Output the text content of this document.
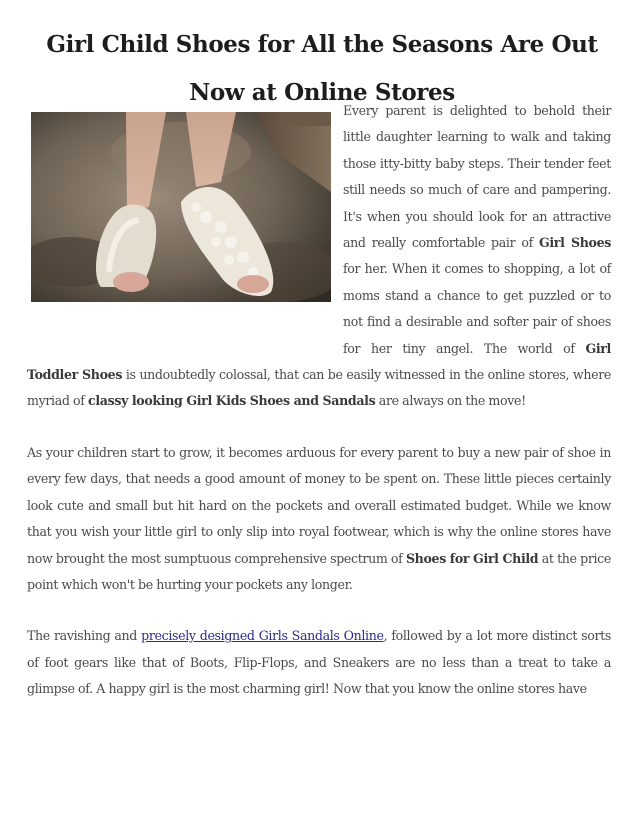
Girl Child Shoes for All the Seasons Are Out Now at Online Stores

Every parent is delighted to behold their little daughter learning to walk and taking those itty-bitty baby steps. Their tender feet still needs so much of care and pampering. It's when you should look for an attractive and really comfortable pair of Girl Shoes for her. When it comes to shopping, a lot of moms stand a chance to get puzzled or to not find a desirable and softer pair of shoes for her tiny angel. The world of Girl Toddler Shoes is undoubtedly colossal, that can be easily witnessed in the online stores, where myriad of classy looking Girl Kids Shoes and Sandals are always on the move!

As your children start to grow, it becomes arduous for every parent to buy a new pair of shoe in every few days, that needs a good amount of money to be spent on. These little pieces certainly look cute and small but hit hard on the pockets and overall estimated budget. While we know that you wish your little girl to only slip into royal footwear, which is why the online stores have now brought the most sumptuous comprehensive spectrum of Shoes for Girl Child at the price point which won't be hurting your pockets any longer.

The ravishing and precisely designed Girls Sandals Online, followed by a lot more distinct sorts of foot gears like that of Boots, Flip-Flops, and Sneakers are no less than a treat to take a glimpse of. A happy girl is the most charming girl! Now that you know the online stores have
